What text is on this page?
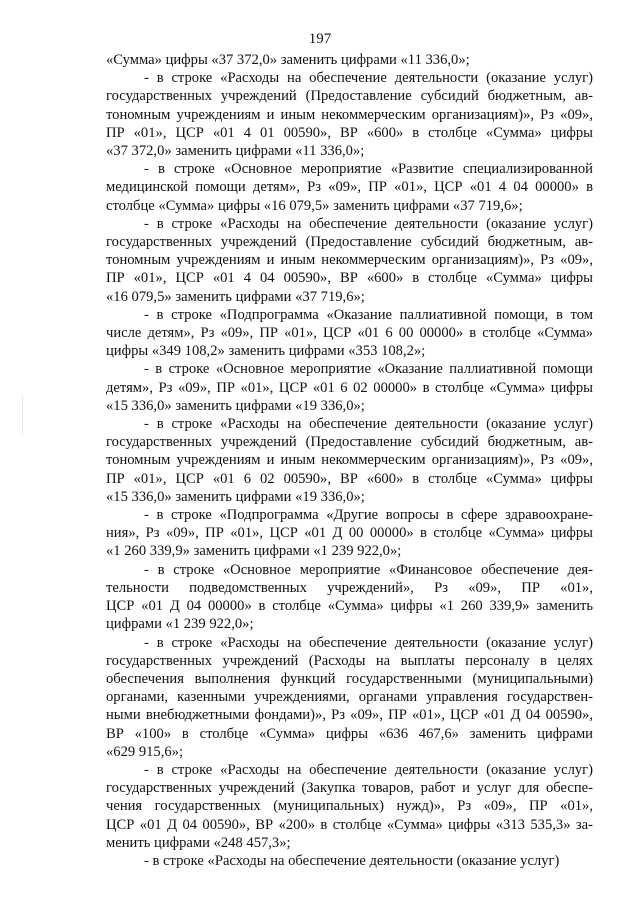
197

«Сумма» цифры «37 372,0» заменить цифрами «11 336,0»;

- в строке «Расходы на обеспечение деятельности (оказание услуг)
государственных учреждений (Предоставление субсидий бюджетным, ав-
тономным учреждениям и иным некоммерческим организациям)», Рз «09»,
ПР «01», ЦСР «01 4 01 00590», ВР «600» в столбце «Сумма» цифры
«37 372,0» заменить цифрами «11 336,0»;

- в строке «Основное мероприятие «Развитие специализированной
медицинской помощи детям», Рз «09», ПР «01», ЦСР «01 4 04 00000» в
столбце «Сумма» цифры «16 079,5» заменить цифрами «37 719,6»;

- в строке «Расходы на обеспечение деятельности (оказание услуг)
государственных учреждений (Предоставление субсидий бюджетным, ав-
тономным учреждениям и иным некоммерческим организациям)», Рз «09»,
ПР «01», ЦСР «01 4 04 00590», ВР «600» в столбце «Сумма» цифры
«16 079,5» заменить цифрами «37 719,6»;

- в строке «Подпрограмма «Оказание паллиативной помощи, в том
числе детям», Рз «09», ПР «01», ЦСР «01 6 00 00000» в столбце «Сумма»
цифры «349 108,2» заменить цифрами «353 108,2»;

- в строке «Основное мероприятие «Оказание паллиативной помощи
детям», Рз «09», ПР «01», ЦСР «01 6 02 00000» в столбце «Сумма» цифры
«15 336,0» заменить цифрами «19 336,0»;

- в строке «Расходы на обеспечение деятельности (оказание услуг)
государственных учреждений (Предоставление субсидий бюджетным, ав-
тономным учреждениям и иным некоммерческим организациям)», Рз «09»,
ПР «01», ЦСР «01 6 02 00590», ВР «600» в столбце «Сумма» цифры
«15 336,0» заменить цифрами «19 336,0»;

- в строке «Подпрограмма «Другие вопросы в сфере здравоохране-
ния», Рз «09», ПР «01», ЦСР «01 Д 00 00000» в столбце «Сумма» цифры
«1 260 339,9» заменить цифрами «1 239 922,0»;

- в строке «Основное мероприятие «Финансовое обеспечение дея-
тельности подведомственных учреждений», Рз «09», ПР «01»,
ЦСР «01 Д 04 00000» в столбце «Сумма» цифры «1 260 339,9» заменить
цифрами «1 239 922,0»;

- в строке «Расходы на обеспечение деятельности (оказание услуг)
государственных учреждений (Расходы на выплаты персоналу в целях
обеспечения выполнения функций государственными (муниципальными)
органами, казенными учреждениями, органами управления государствен-
ными внебюджетными фондами)», Рз «09», ПР «01», ЦСР «01 Д 04 00590»,
ВР «100» в столбце «Сумма» цифры «636 467,6» заменить цифрами
«629 915,6»;

- в строке «Расходы на обеспечение деятельности (оказание услуг)
государственных учреждений (Закупка товаров, работ и услуг для обеспе-
чения государственных (муниципальных) нужд)», Рз «09», ПР «01»,
ЦСР «01 Д 04 00590», ВР «200» в столбце «Сумма» цифры «313 535,3» за-
менить цифрами «248 457,3»;

- в строке «Расходы на обеспечение деятельности (оказание услуг)
